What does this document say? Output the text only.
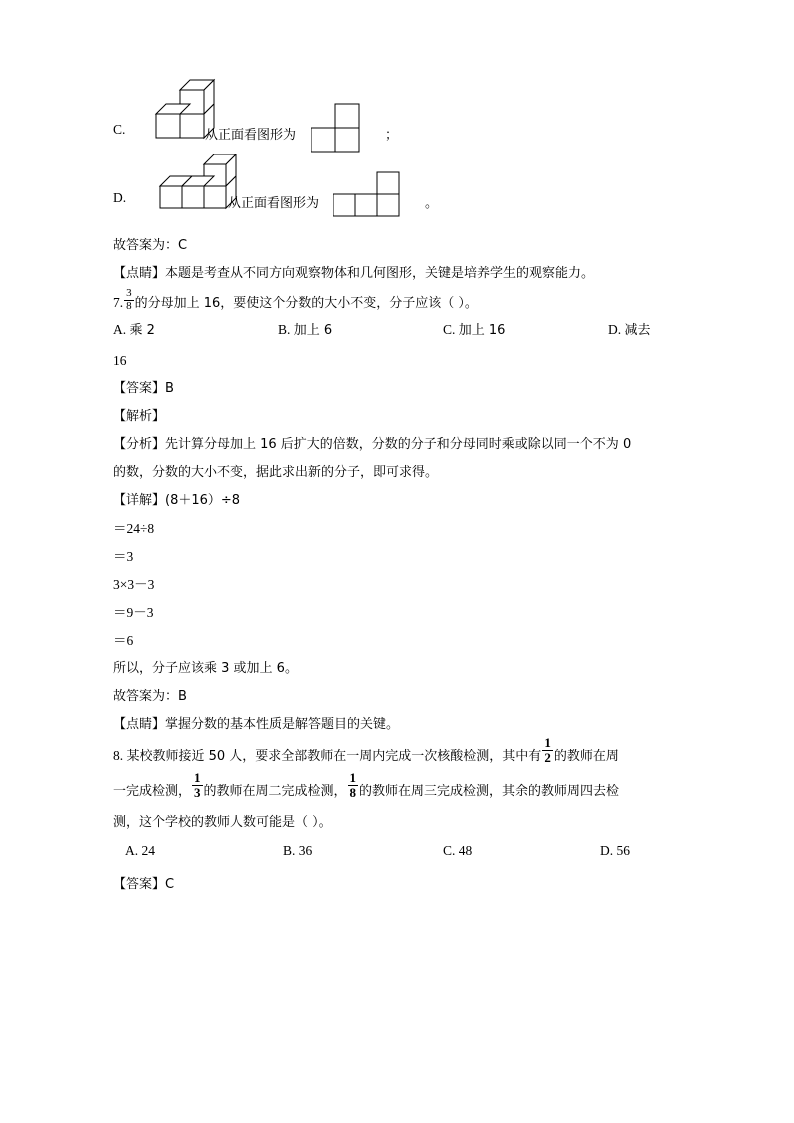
C.	从正面看图形为	；
D.	从正面看图形为	。

故答案为：C

【点睛】本题是考查从不同方向观察物体和几何图形，关键是培养学生的观察能力。

7. $\frac{3}{8}$ 的分母加上 16，要使这个分数的大小不变，分子应该（ ）。

A. 乘 2	B. 加上 6	C. 加上 16	D. 减去

16

【答案】B

【解析】

【分析】先计算分母加上 16 后扩大的倍数，分数的分子和分母同时乘或除以同一个不为 0

的数，分数的大小不变，据此求出新的分子，即可求得。

【详解】(8＋16）÷8

＝24÷8

＝3

3×3－3

＝9－3

＝6

所以，分子应该乘 3 或加上 6。

故答案为：B

【点睛】掌握分数的基本性质是解答题目的关键。

8. 某校教师接近 50 人，要求全部教师在一周内完成一次核酸检测，其中有 $\frac{1}{2}$ 的教师在周

一完成检测， $\frac{1}{3}$ 的教师在周二完成检测， $\frac{1}{8}$ 的教师在周三完成检测，其余的教师周四去检

测，这个学校的教师人数可能是（ ）。

A. 24	B. 36	C. 48	D. 56

【答案】C
